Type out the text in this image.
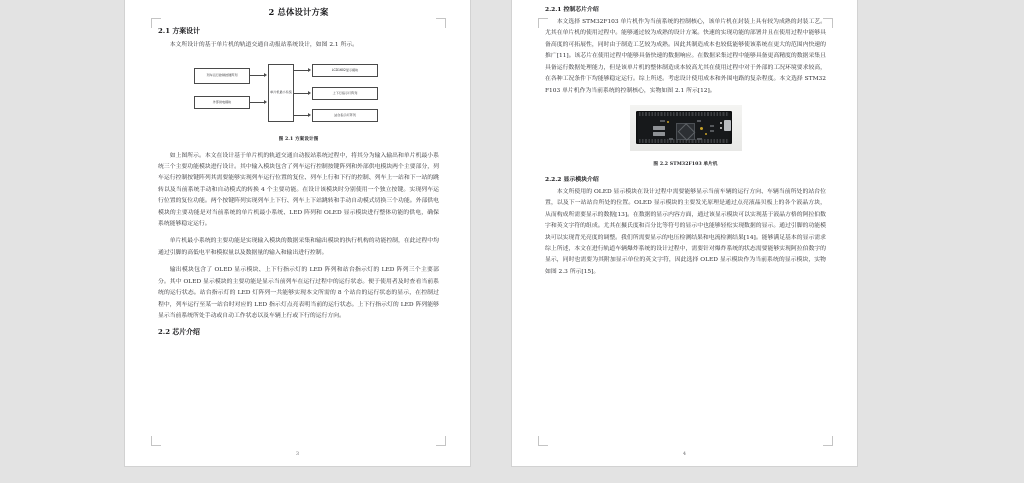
2 总体设计方案
2.1 方案设计
本文所设计的基于单片机的轨道交通自动报站系统设计，如图 2.1 所示。
列车运行控制按键阵列
外部供电模块
单片机最小系统
LCD1602显示模块
上下行指示灯阵列
站台指示灯阵列
图 2.1 方案设计图
如上图所示。本文在设计基于单片机的轨道交通自动报站系统过程中，将其分为输入输出和单片机最小系统三个主要功能模块进行设计。其中输入模块包含了列车运行控制按键阵列和外部供电模块两个主要部分，列车运行控制按键阵列其需要能够实现列车运行位置的复位、列车上行和下行的控制、列车上一站和下一站的跳转以及当前系统手动和自动模式的转换 4 个主要功能。在设计该模块时分别使用一个独立按键。实现列车运行位置的复位功能。两个按键阵列实现列车上下行、列车上下站跳转和手动自动模式切换三个功能。外部供电模块的主要功能是对当前系统的单片机最小系统、LED 阵列和 OLED 显示模块进行整体功能的供电，确保系统能够稳定运行。
单片机最小系统的主要功能是实现输入模块的数据采集和输出模块的执行机构的功能控制，在此过程中均通过引脚的高低电平和模拟量以及数据量的输入和输出进行控制。
输出模块包含了 OLED 显示模块、上下行指示灯的 LED 阵列和站台指示灯的 LED 阵列三个主要部分。其中 OLED 显示模块的主要功能是显示当前列车在运行过程中的运行状态。便于使用者及时查看当前系统的运行状态。站台指示灯的 LED 灯阵列一共能够实现本文所需的 8 个站台的运行状态的显示，在控制过程中，列车运行至某一站台时对应的 LED 指示灯点亮表明当前的运行状态。上下行指示灯的 LED 阵列能够显示当前系统所处手动或自动工作状态以及车辆上行或下行的运行方向。
2.2 芯片介绍
3
2.2.1 控制芯片介绍
本文选择 STM32F103 单片机作为当前系统的控制核心，该单片机在封装上具有较为成熟的封装工艺。尤其在单片机的使用过程中。能够通过较为成熟的设计方案。快速的实现功能的部署并且在使用过程中能够具备高度的可拓展性，同时由于制造工艺较为成熟。因此其制造成本也较低能够使该系统在更大的范围内快速的推广[11]。该芯片在使用过程中能够具备快速的数据响应。在数据采集过程中能够具备更高精度的数据采集且具备运行数据处理能力，但是该单片机的整体制造成本较高尤其在使用过程中对于外部的工况环境要求较高，在各种工况条件下均能够稳定运行。综上所述。考虑设计使用成本和外围电路的复杂程度。本文选择 STM32F103 单片机作为当前系统的控制核心，实物如图 2.1 所示[12]。
图 2.2 STM32F103 单片机
2.2.2 显示模块介绍
本文所使用的 OLED 显示模块在设计过程中需要能够显示当前车辆的运行方向、车辆当前所处的站台位置，以及下一站站台所处的位置。OLED 显示模块的主要发光原理是通过点亮液晶贝板上的各个液晶方块，从而构成所需要显示的数据[13]。在数据的显示内容方面，通过该显示模块可以实现基于液晶方格的阿拉伯数字和英文字符的组成。尤其在摄氏度和百分比等符号的显示中也能够轻松实现数据的显示。通过引脚的功能模块可以实现背光亮度的调整。我们所需要显示的电压检测结果和电流检测结果[14]。能够满足基本的显示需求综上所述，本文在进行轨道车辆爆炸系统的设计过程中，需要针对爆炸系统的状态需要能够实现阿拉伯数字的显示，同时也需要为其附加显示单位的英文字符，因此选择 OLED 显示模块作为当前系统的显示模块，实物如图 2.3 所示[15]。
4
